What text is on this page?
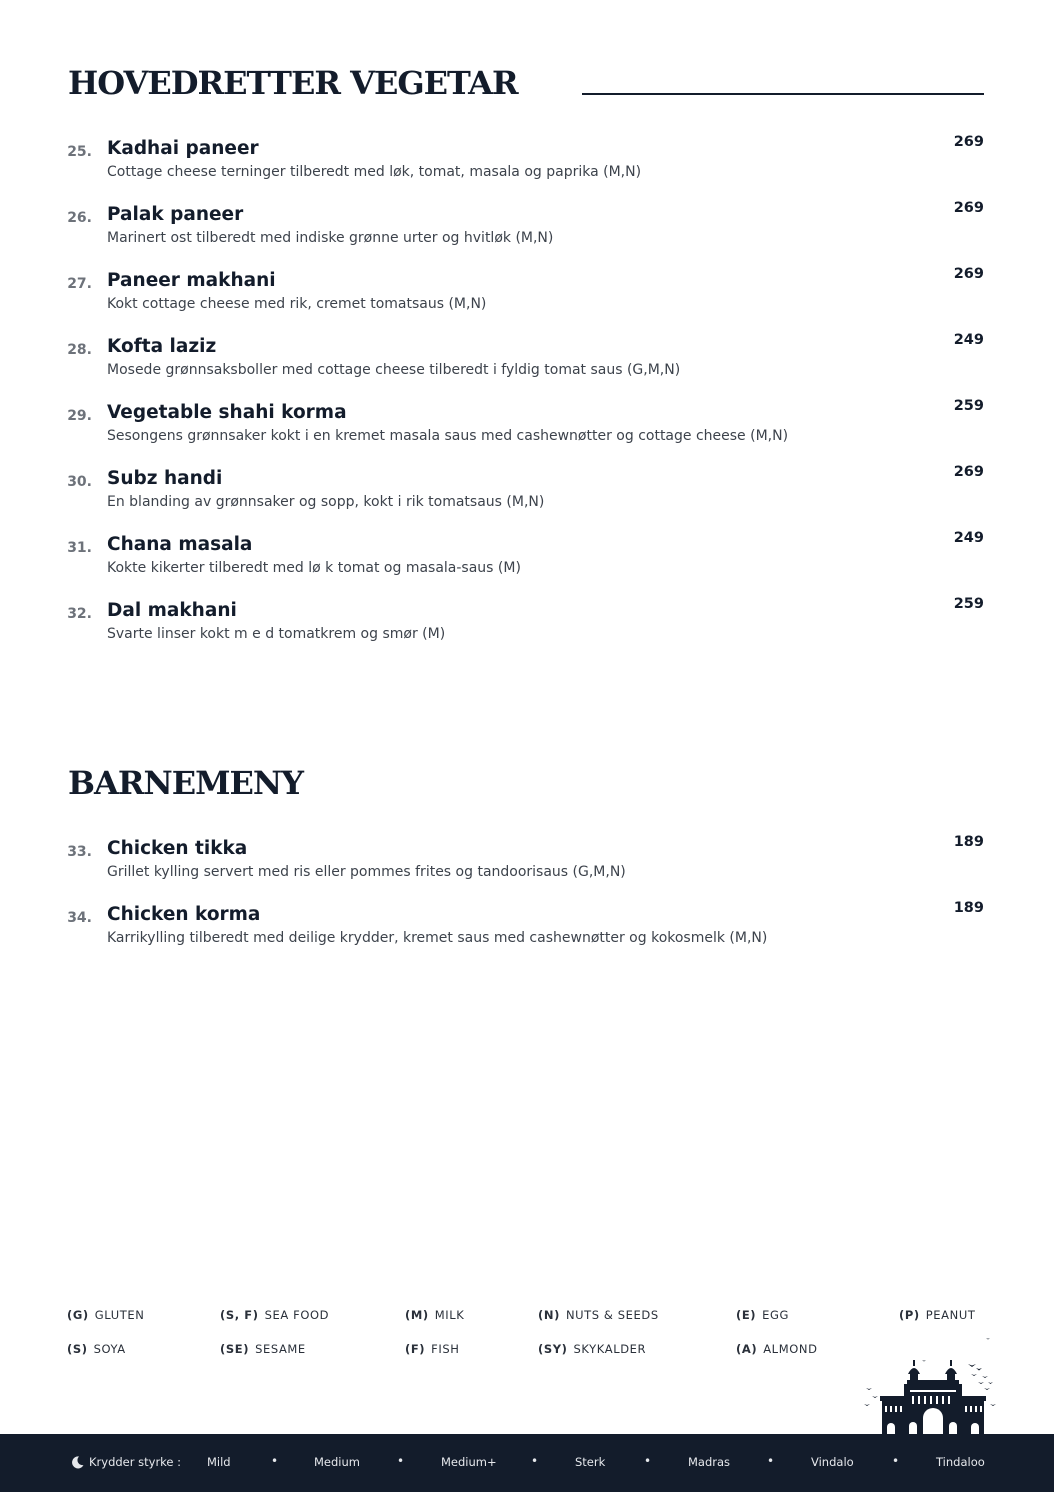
HOVEDRETTER VEGETAR
25. Kadhai paneer
Cottage cheese terninger tilberedt med løk, tomat, masala og paprika (M,N)
269
26. Palak paneer
Marinert ost tilberedt med indiske grønne urter og hvitløk (M,N)
269
27. Paneer makhani
Kokt cottage cheese med rik, cremet tomatsaus (M,N)
269
28. Kofta laziz
Mosede grønnsaksboller med cottage cheese tilberedt i fyldig tomat saus (G,M,N)
249
29. Vegetable shahi korma
Sesongens grønnsaker kokt i en kremet masala saus med cashewnøtter og cottage cheese (M,N)
259
30. Subz handi
En blanding av grønnsaker og sopp, kokt i rik tomatsaus (M,N)
269
31. Chana masala
Kokte kikerter tilberedt med lø k tomat og masala-saus (M)
249
32. Dal makhani
Svarte linser kokt m e d tomatkrem og smør (M)
259
BARNEMENY
33. Chicken tikka
Grillet kylling servert med ris eller pommes frites og tandoorisaus (G,M,N)
189
34. Chicken korma
Karrikylling tilberedt med deilige krydder, kremet saus med cashewnøtter og kokosmelk (M,N)
189
(G) GLUTEN	(S, F) SEA FOOD	(M) MILK	(N) NUTS & SEEDS	(E) EGG	(P) PEANUT
(S) SOYA	(SE) SESAME	(F) FISH	(SY) SKYKALDER	(A) ALMOND
Krydder styrke : Mild	•	Medium	•	Medium+	•	Sterk	•	Madras	•	Vindalo	•	Tindaloo
